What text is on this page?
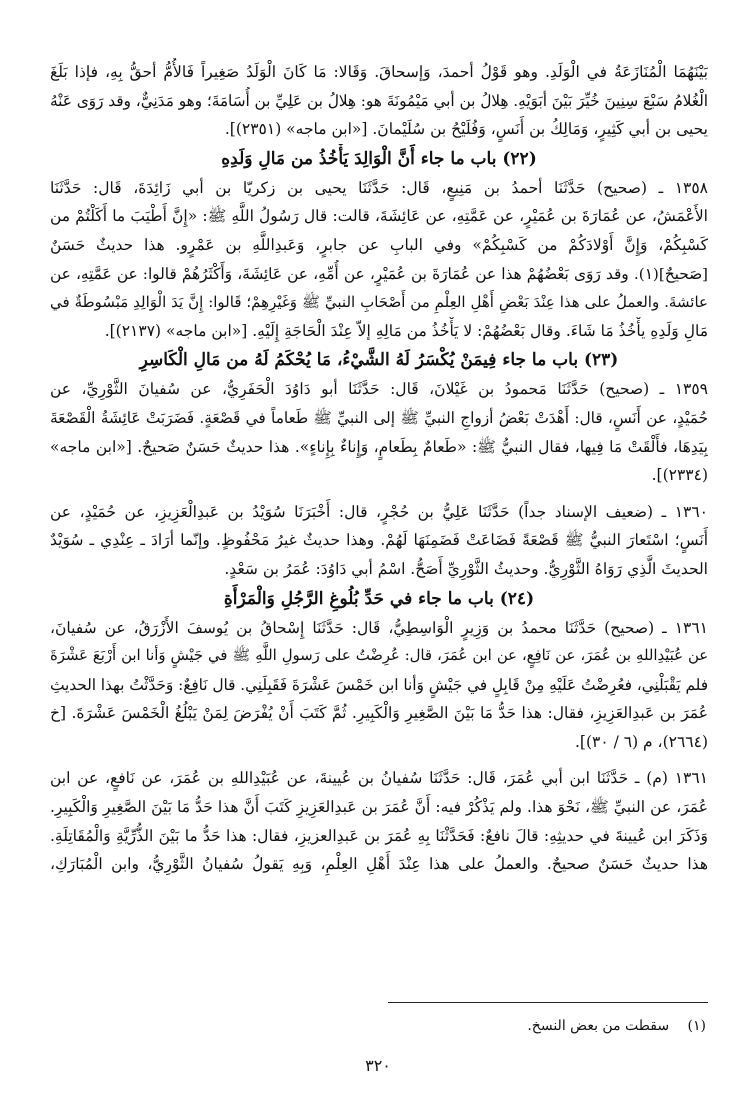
بَيْنَهُمَا الْمُنَازَعَةُ في الْوَلَدِ. وهو قَوْلُ أحمدَ، وَإسحاقَ. وَقَالا: مَا كَانَ الْوَلَدُ صَغِيراً فَالأُمُّ أحقُّ بِهِ، فإذا بَلَغَ
الْغُلامُ سَبْعَ سِنِينَ خُيِّرَ بَيْنَ أبَوَيْهِ. هِلالُ بن أبي مَيْمُونَةَ هو: هِلالُ بن عَلِيِّ بن أُسَامَةَ؛ وهو مَدَنِيٌّ، وقد رَوَى عَنْهُ
يحيى بن أبي كَثِيرٍ، وَمَالِكُ بن أَنَسٍ، وَفُلَيْحُ بن سُلَيْمانَ. [«ابن ماجه» (٢٣٥١)].
(٢٢) باب ما جاء أَنَّ الْوَالِدَ يَأْخُذُ من مَالِ وَلَدِهِ
١٣٥٨ ـ (صحيح) حَدَّثَنَا أحمدُ بن مَنِيعٍ، قَال: حَدَّثَنَا يحيى بن زكريّا بن أبي زَائِدَةَ، قَال: حَدَّثَنَا
الأَعْمَشُ، عن عُمَارَةَ بن عُمَيْرٍ، عن عَمَّتِهِ، عن عَائِشَةَ، قالت: قال رَسُولُ اللَّهِ ﷺ: «إِنَّ أَطْيَبَ ما أَكَلْتُمْ من
كَسْبِكُمْ، وَإِنَّ أَوْلادَكُمْ من كَسْبِكُمْ» وفي البابِ عن جابرٍ، وَعَبدِاللَّهِ بن عَمْرٍو. هذا حديثٌ حَسَنٌ
[صَحيحٌ](١). وقد رَوَى بَعْضُهُمْ هذا عن عُمَارَةَ بن عُمَيْرٍ، عن أُمِّهِ، عن عَائِشَةَ، وَأَكْثَرُهُمْ قالوا: عن عَمَّتِهِ، عن
عائشةَ. والعملُ على هذا عِنْدَ بَعْضِ أَهْلِ العِلْمِ من أَصْحَابِ النبيِّ ﷺ وَغَيْرِهِمْ؛ قَالوا: إِنَّ يَدَ الْوَالِدِ مَبْسُوطَةٌ في
مَالِ وَلَدِهِ يأْخُذُ مَا شَاءَ. وقال بَعْضُهُمْ: لا يَأْخُذُ من مَالِهِ إلاّ عِنْدَ الْحَاجَةِ إِلَيْهِ. [«ابن ماجه» (٢١٣٧)].
(٢٣) باب ما جاء فِيمَنْ يُكْسَرُ لَهُ الشَّيْءُ، مَا يُحْكَمُ لَهُ من مَالِ الْكَاسِرِ
١٣٥٩ ـ (صحيح) حَدَّثَنَا مَحمودُ بن غَيْلانَ، قَال: حَدَّثَنَا أبو دَاوُدَ الْحَفَرِيُّ، عن سُفيانَ الثَّوْرِيِّ، عن
حُمَيْدٍ، عن أَنَسٍ، قال: أَهْدَتْ بَعْضُ أزواجِ النبيِّ ﷺ إلى النبيِّ ﷺ طَعاماً في قَصْعَةٍ. فَضَرَبَتْ عَائِشَةُ الْقَصْعَةَ
بِيَدِهَا، فأَلْقَتْ مَا فِيها، فقال النبيُّ ﷺ: «طَعامٌ بِطَعامٍ، وَإِناءٌ بِإِناءٍ». هذا حديثٌ حَسَنٌ صَحيحٌ. [«ابن ماجه»
(٢٣٣٤)].
١٣٦٠ ـ (ضعيف الإسناد جداً) حَدَّثَنَا عَلِيُّ بن حُجْرٍ، قال: أَخْبَرَنَا سُوَيْدُ بن عَبدِالْعَزِيزِ، عن حُمَيْدٍ، عن
أَنَسٍ؛ اسْتَعارَ النبيُّ ﷺ قَصْعَةً فَضَاعَتْ فَضَمِنَهَا لَهُمْ. وهذا حديثٌ غيرُ مَحْفُوظٍ. وإنّما أرَادَ ـ عِنْدِي ـ سُوَيْدٌ
الحديثَ الَّذِي رَوَاهُ الثَّوْرِيُّ. وحديثُ الثَّوْرِيِّ أَصَحُّ. اسْمُ أبي دَاوُدَ: عُمَرُ بن سَعْدٍ.
(٢٤) باب ما جاء في حَدِّ بُلُوغِ الرَّجُلِ وَالْمَرْأَةِ
١٣٦١ ـ (صحيح) حَدَّثَنَا محمدُ بن وَزِيرٍ الْوَاسِطِيُّ، قَال: حَدَّثَنَا إِسْحاقُ بن يُوسفَ الأَزْرَقُ، عن سُفيانَ،
عن عُبَيْدِاللهِ بن عُمَرَ، عن نَافِعٍ، عن ابن عُمَرَ، قال: عُرِضْتُ على رَسولِ اللَّهِ ﷺ في جَيْشٍ وَأنا ابن أَرْبَعَ عَشْرَةَ
فلم يَقْبَلْنِي، فعُرِضْتُ عَلَيْهِ مِنْ قَابِلٍ في جَيْشٍ وَأنا ابن خَمْسَ عَشْرَةَ فَقَبِلَنِي. قال نَافِعٌ: وَحَدَّثْتُ بهذا الحديثِ
عُمَرَ بن عَبدِالعَزِيزِ، فقال: هذا حَدُّ مَا بَيْنَ الصَّغِيرِ وَالْكَبِيرِ. ثُمَّ كَتَبَ أَنْ يُفْرَضَ لِمَنْ يَبْلُغُ الْخَمْسَ عَشْرَةَ. [خ
(٢٦٦٤)، م (٦ / ٣٠)].
١٣٦١ (م) ـ حَدَّثَنَا ابن أبي عُمَرَ، قَال: حَدَّثَنَا سُفيانُ بن عُيينةَ، عن عُبَيْدِاللهِ بن عُمَرَ، عن نَافعٍ، عن ابن
عُمَرَ، عن النبيِّ ﷺ، نَحْوَ هذا. ولم يَذْكُرْ فيه: أَنَّ عُمَرَ بن عَبدِالعَزِيزِ كَتَبَ أَنَّ هذا حَدُّ مَا بَيْنَ الصَّغِيرِ وَالْكَبِيرِ.
وَذَكَرَ ابن عُيينةَ في حديثِهِ: قالَ نافعٌ: فَحَدَّثْنَا بِهِ عُمَرَ بن عَبدِالعزيزِ، فقال: هذا حَدُّ ما بَيْنَ الذُّرِّيَّةِ وَالْمُقَاتِلَةِ.
هذا حديثٌ حَسَنٌ صحيحٌ. والعملُ على هذا عِنْدَ أَهْلِ العِلْمِ، وَبِهِ يَقولُ سُفيانُ الثَّوْرِيُّ، وابن الْمُبَارَكِ،
(١) سقطت من بعض النسخ.
٣٢٠
